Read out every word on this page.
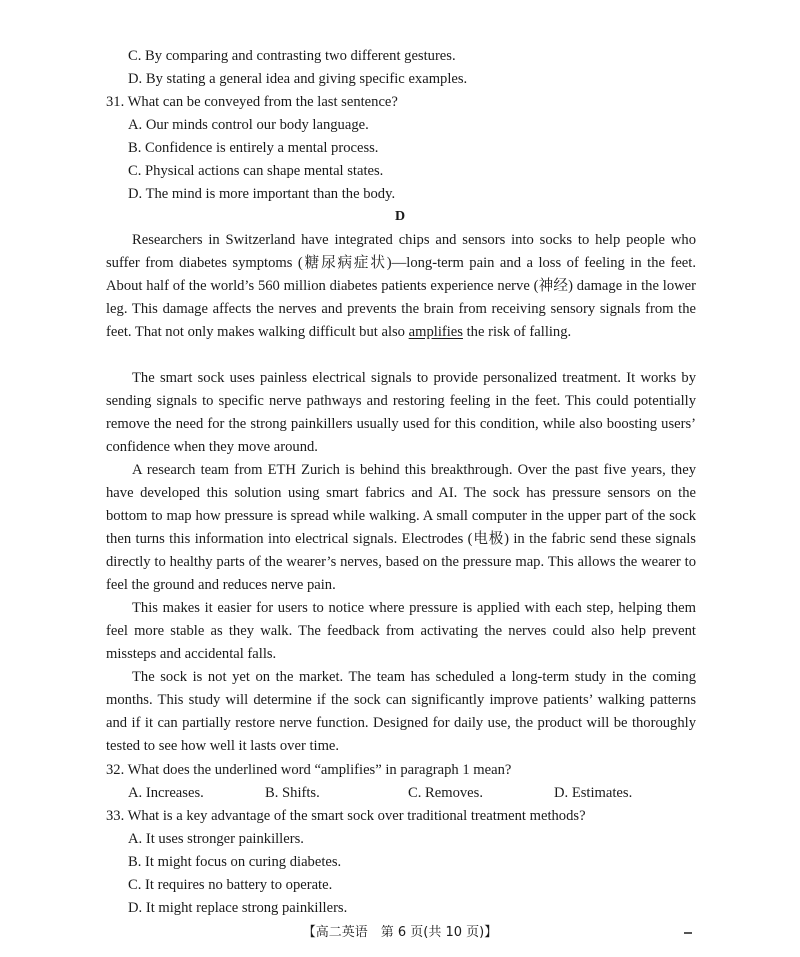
C. By comparing and contrasting two different gestures.
D. By stating a general idea and giving specific examples.
31. What can be conveyed from the last sentence?
A. Our minds control our body language.
B. Confidence is entirely a mental process.
C. Physical actions can shape mental states.
D. The mind is more important than the body.
D

Researchers in Switzerland have integrated chips and sensors into socks to help people who suffer from diabetes symptoms (糖尿病症状)—long-term pain and a loss of feeling in the feet. About half of the world’s 560 million diabetes patients experience nerve (神经) damage in the lower leg. This damage affects the nerves and prevents the brain from receiving sensory signals from the feet. That not only makes walking difficult but also amplifies the risk of falling.

The smart sock uses painless electrical signals to provide personalized treatment. It works by sending signals to specific nerve pathways and restoring feeling in the feet. This could potentially remove the need for the strong painkillers usually used for this condition, while also boosting users’ confidence when they move around.

A research team from ETH Zurich is behind this breakthrough. Over the past five years, they have developed this solution using smart fabrics and AI. The sock has pressure sensors on the bottom to map how pressure is spread while walking. A small computer in the upper part of the sock then turns this information into electrical signals. Electrodes (电极) in the fabric send these signals directly to healthy parts of the wearer’s nerves, based on the pressure map. This allows the wearer to feel the ground and reduces nerve pain.

This makes it easier for users to notice where pressure is applied with each step, helping them feel more stable as they walk. The feedback from activating the nerves could also help prevent missteps and accidental falls.

The sock is not yet on the market. The team has scheduled a long-term study in the coming months. This study will determine if the sock can significantly improve patients’ walking patterns and if it can partially restore nerve function. Designed for daily use, the product will be thoroughly tested to see how well it lasts over time.

32. What does the underlined word “amplifies” in paragraph 1 mean?
A. Increases.	B. Shifts.	C. Removes.	D. Estimates.
33. What is a key advantage of the smart sock over traditional treatment methods?
A. It uses stronger painkillers.
B. It might focus on curing diabetes.
C. It requires no battery to operate.
D. It might replace strong painkillers.
【高二英语　第 6 页(共 10 页)】
